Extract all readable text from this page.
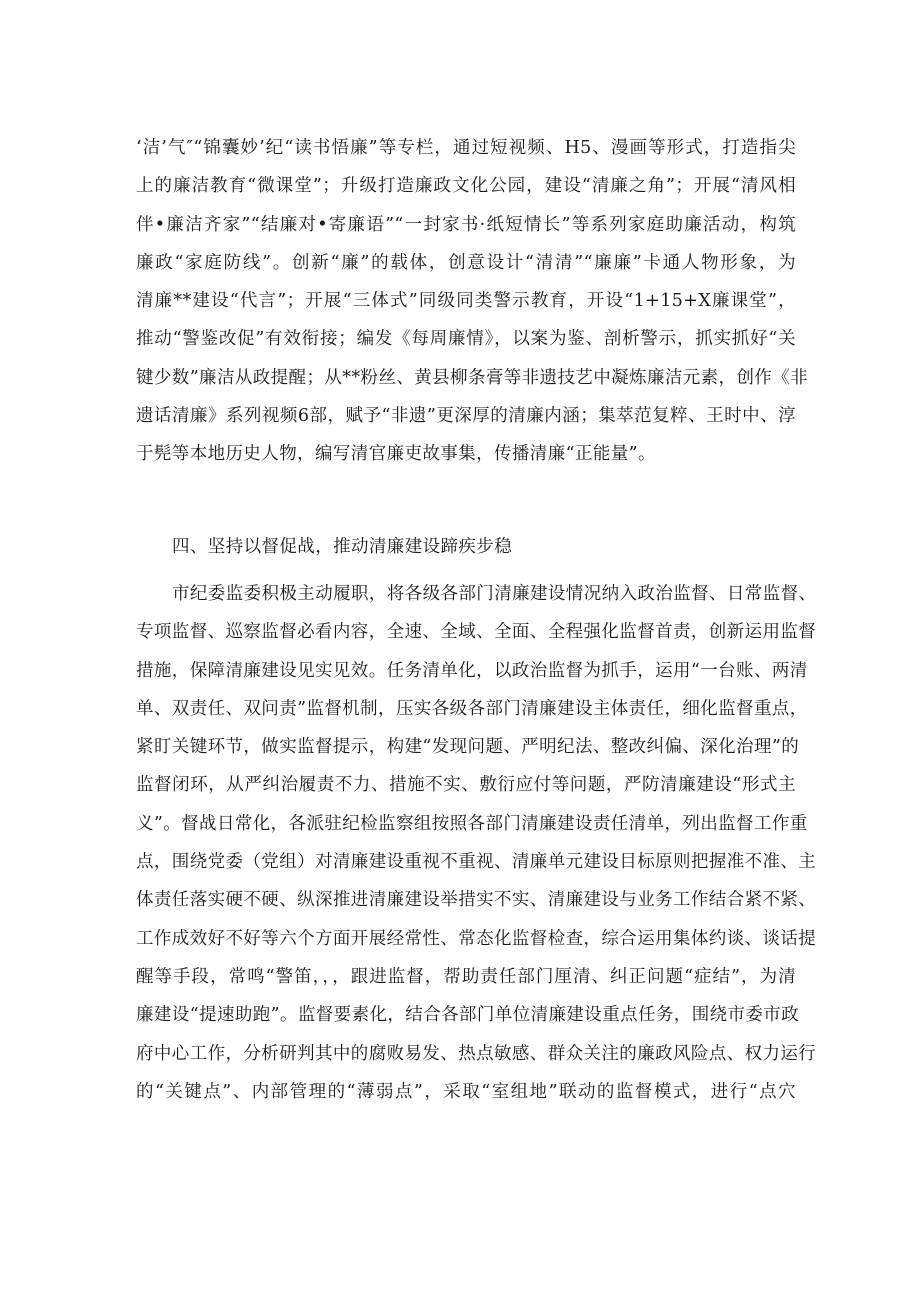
‘洁’气″“锦囊妙’纪“读书悟廉”等专栏，通过短视频、H5、漫画等形式，打造指尖
上的廉洁教育“微课堂”；升级打造廉政文化公园，建设“清廉之角”；开展“清风相
伴•廉洁齐家”“结廉对•寄廉语”“一封家书·纸短情长”等系列家庭助廉活动，构筑
廉政“家庭防线”。创新“廉”的载体，创意设计“清清”“廉廉”卡通人物形象，为
清廉**建设“代言”；开展“三体式”同级同类警示教育，开设“1+15+X廉课堂”，
推动“警鉴改促”有效衔接；编发《每周廉情》，以案为鉴、剖析警示，抓实抓好“关
键少数”廉洁从政提醒；从**粉丝、黄县柳条膏等非遗技艺中凝炼廉洁元素，创作《非
遗话清廉》系列视频6部，赋予“非遗”更深厚的清廉内涵；集萃范复粹、王时中、淳
于髡等本地历史人物，编写清官廉吏故事集，传播清廉“正能量”。
四、坚持以督促战，推动清廉建设蹄疾步稳
市纪委监委积极主动履职，将各级各部门清廉建设情况纳入政治监督、日常监督、
专项监督、巡察监督必看内容，全速、全域、全面、全程强化监督首责，创新运用监督
措施，保障清廉建设见实见效。任务清单化，以政治监督为抓手，运用“一台账、两清
单、双责任、双问责”监督机制，压实各级各部门清廉建设主体责任，细化监督重点，
紧盯关键环节，做实监督提示，构建“发现问题、严明纪法、整改纠偏、深化治理”的
监督闭环，从严纠治履责不力、措施不实、敷衍应付等问题，严防清廉建设“形式主
义”。督战日常化，各派驻纪检监察组按照各部门清廉建设责任清单，列出监督工作重
点，围绕党委（党组）对清廉建设重视不重视、清廉单元建设目标原则把握准不准、主
体责任落实硬不硬、纵深推进清廉建设举措实不实、清廉建设与业务工作结合紧不紧、
工作成效好不好等六个方面开展经常性、常态化监督检查，综合运用集体约谈、谈话提
醒等手段，常鸣“警笛，，，跟进监督，帮助责任部门厘清、纠正问题“症结”，为清
廉建设“提速助跑”。监督要素化，结合各部门单位清廉建设重点任务，围绕市委市政
府中心工作，分析研判其中的腐败易发、热点敏感、群众关注的廉政风险点、权力运行
的“关键点”、内部管理的“薄弱点”，采取“室组地”联动的监督模式，进行“点穴
